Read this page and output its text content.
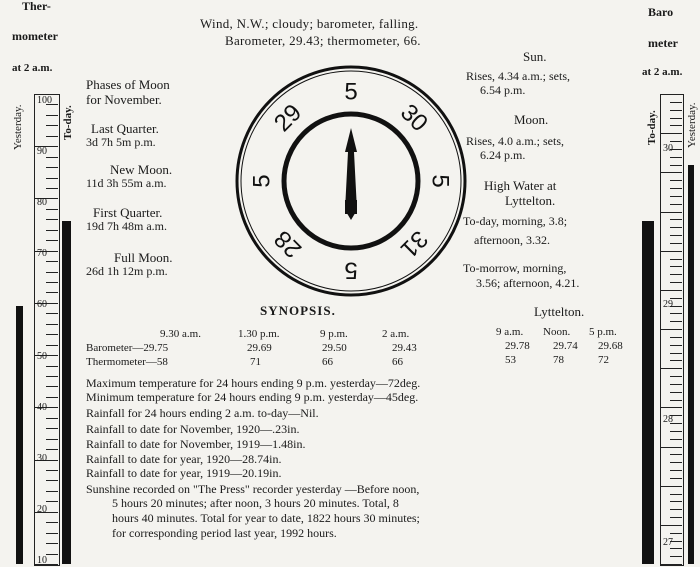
Ther-
mometer
at 2 a.m.
Yesterday.	To-day.
100
90
80
70
60
50
40
30
20
10
Wind, N.W.; cloudy; barometer, falling.
Barometer, 29.43; thermometer, 66.
Phases of Moon
for November.
Last Quarter.
3d 7h 5m p.m.
New Moon.
11d 3h 55m a.m.
First Quarter.
19d 7h 48m a.m.
Full Moon.
26d 1h 12m p.m.
5
30
5
31
5
28
5
29
Sun.
Rises, 4.34 a.m.; sets,
6.54 p.m.
Moon.
Rises, 4.0 a.m.; sets,
6.24 p.m.
High Water at
Lyttelton.
To-day, morning, 3.8;
afternoon, 3.32.
To-morrow, morning,
3.56; afternoon, 4.21.
SYNOPSIS.	Lyttelton.
9.30 a.m.	1.30 p.m.	9 p.m.	2 a.m.	9 a.m. Noon. 5 p.m.
Barometer—29.75	29.69	29.50	29.43	29.78 29.74 29.68
Thermometer—58	71	66	66	53	78	72
Maximum temperature for 24 hours ending 9 p.m. yesterday—72deg.
Minimum temperature for 24 hours ending 9 p.m. yesterday—45deg.
Rainfall for 24 hours ending 2 a.m. to-day—Nil.
Rainfall to date for November, 1920—.23in.
Rainfall to date for November, 1919—1.48in.
Rainfall to date for year, 1920—28.74in.
Rainfall to date for year, 1919—20.19in.
Sunshine recorded on "The Press" recorder yesterday —Before noon,
5 hours 20 minutes; after noon, 3 hours 20 minutes. Total, 8
hours 40 minutes. Total for year to date, 1822 hours 30 minutes;
for corresponding period last year, 1992 hours.
Baro
meter
at 2 a.m.
To-day.	Yesterday.
30
29
28
27
